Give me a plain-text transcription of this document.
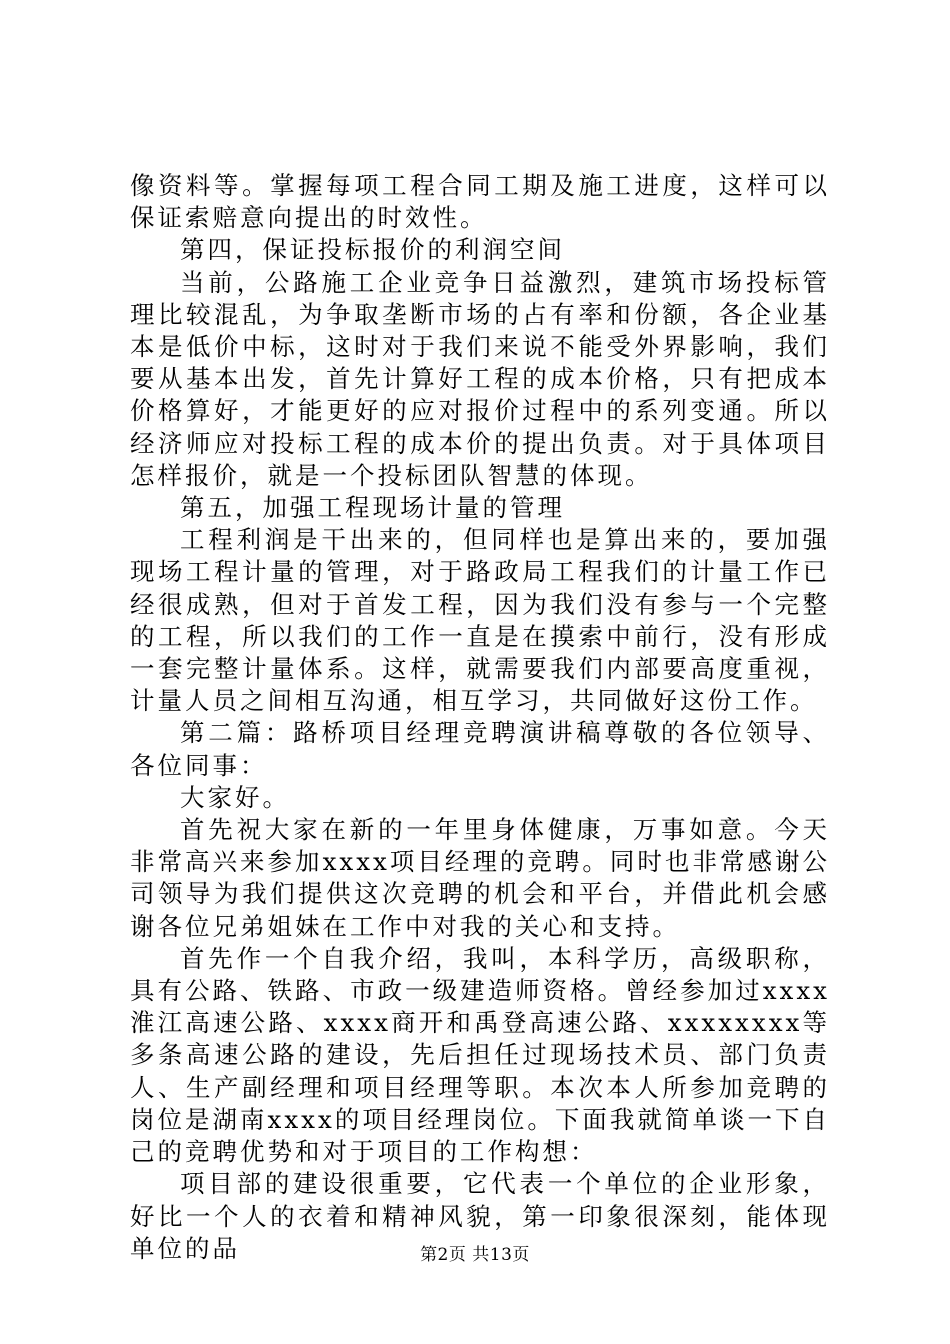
像资料等。掌握每项工程合同工期及施工进度，这样可以保证索赔意向提出的时效性。

第四，保证投标报价的利润空间

当前，公路施工企业竞争日益激烈，建筑市场投标管理比较混乱，为争取垄断市场的占有率和份额，各企业基本是低价中标，这时对于我们来说不能受外界影响，我们要从基本出发，首先计算好工程的成本价格，只有把成本价格算好，才能更好的应对报价过程中的系列变通。所以经济师应对投标工程的成本价的提出负责。对于具体项目怎样报价，就是一个投标团队智慧的体现。

第五，加强工程现场计量的管理

工程利润是干出来的，但同样也是算出来的，要加强现场工程计量的管理，对于路政局工程我们的计量工作已经很成熟，但对于首发工程，因为我们没有参与一个完整的工程，所以我们的工作一直是在摸索中前行，没有形成一套完整计量体系。这样，就需要我们内部要高度重视，计量人员之间相互沟通，相互学习，共同做好这份工作。

第二篇：路桥项目经理竞聘演讲稿尊敬的各位领导、各位同事：

大家好。

首先祝大家在新的一年里身体健康，万事如意。今天非常高兴来参加xxxx项目经理的竞聘。同时也非常感谢公司领导为我们提供这次竞聘的机会和平台，并借此机会感谢各位兄弟姐妹在工作中对我的关心和支持。

首先作一个自我介绍，我叫，本科学历，高级职称，具有公路、铁路、市政一级建造师资格。曾经参加过xxxx淮江高速公路、xxxx商开和禹登高速公路、xxxxxxxx等多条高速公路的建设，先后担任过现场技术员、部门负责人、生产副经理和项目经理等职。本次本人所参加竞聘的岗位是湖南xxxx的项目经理岗位。下面我就简单谈一下自己的竞聘优势和对于项目的工作构想：

项目部的建设很重要，它代表一个单位的企业形象，好比一个人的衣着和精神风貌，第一印象很深刻，能体现单位的品	第2页 共13页
